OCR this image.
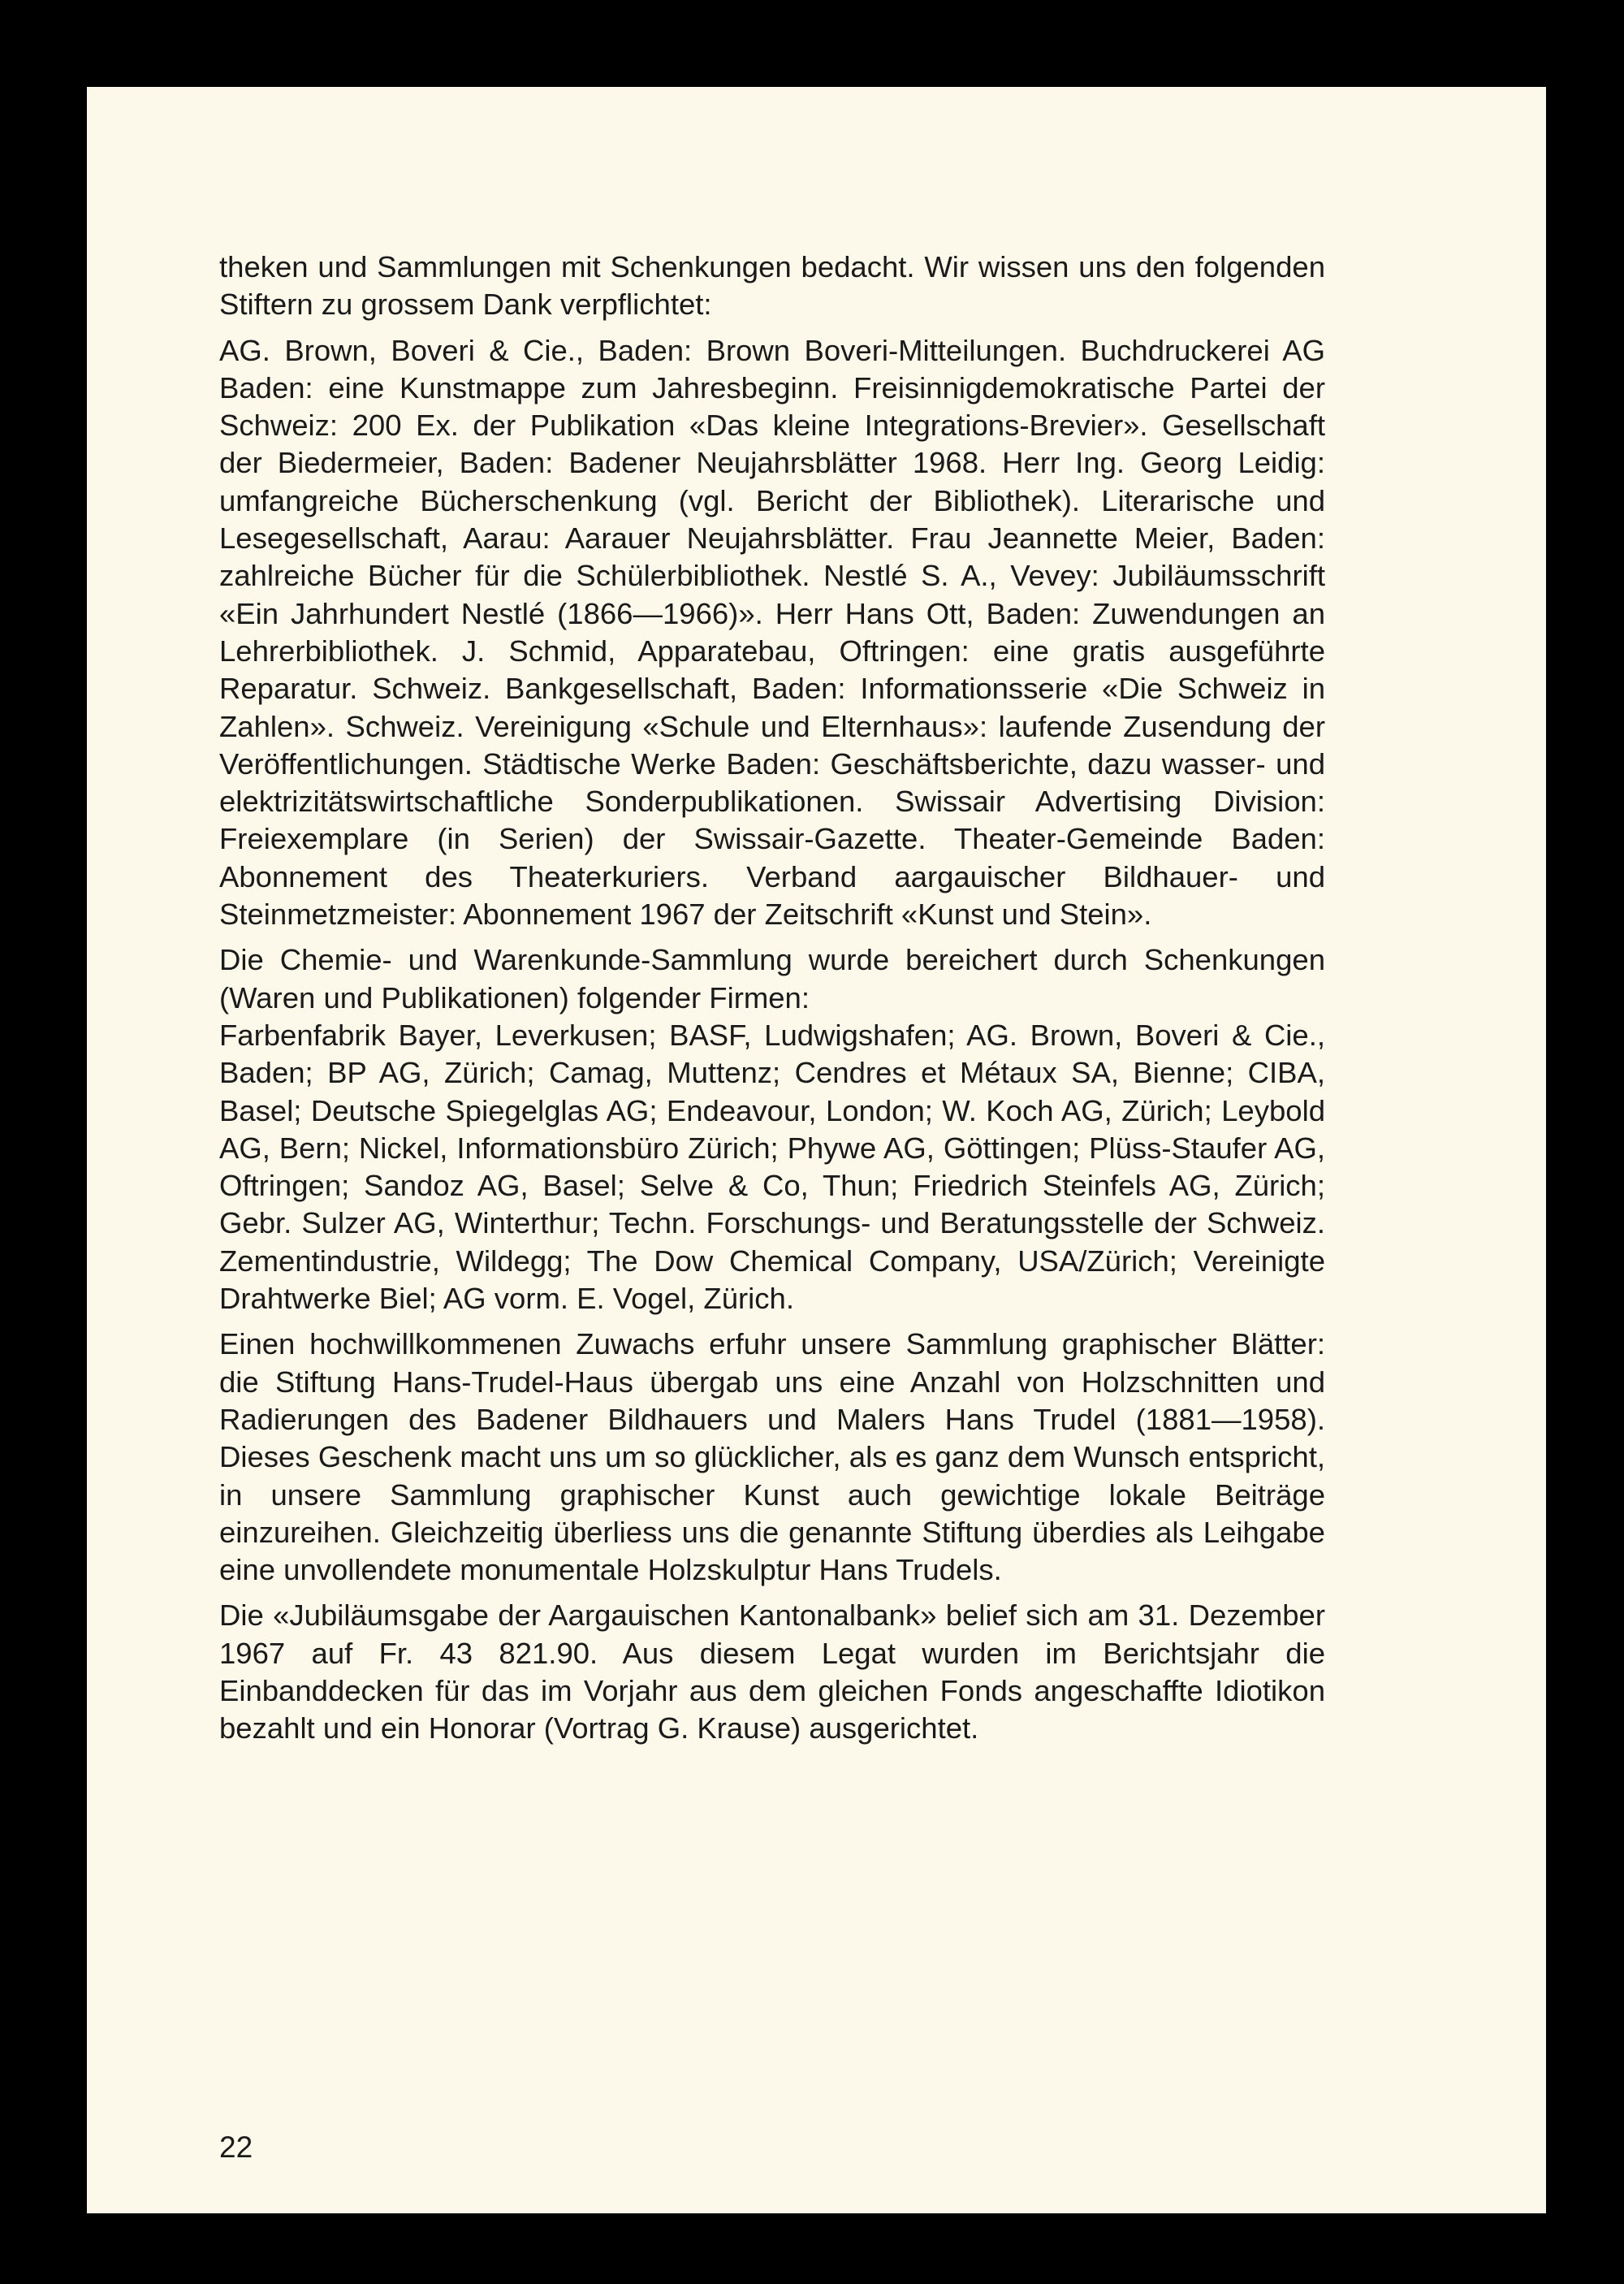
theken und Sammlungen mit Schenkungen bedacht. Wir wissen uns den folgenden Stiftern zu grossem Dank verpflichtet:

AG. Brown, Boveri & Cie., Baden: Brown Boveri-Mitteilungen. Buchdruckerei AG Baden: eine Kunstmappe zum Jahresbeginn. Freisinnigdemokratische Partei der Schweiz: 200 Ex. der Publikation «Das kleine Integrations-Brevier». Gesellschaft der Biedermeier, Baden: Badener Neujahrsblätter 1968. Herr Ing. Georg Leidig: umfangreiche Bücherschenkung (vgl. Bericht der Bibliothek). Literarische und Lesegesellschaft, Aarau: Aarauer Neujahrsblätter. Frau Jeannette Meier, Baden: zahlreiche Bücher für die Schülerbibliothek. Nestlé S. A., Vevey: Jubiläumsschrift «Ein Jahrhundert Nestlé (1866—1966)». Herr Hans Ott, Baden: Zuwendungen an Lehrerbibliothek. J. Schmid, Apparatebau, Oftringen: eine gratis ausgeführte Reparatur. Schweiz. Bankgesellschaft, Baden: Informationsserie «Die Schweiz in Zahlen». Schweiz. Vereinigung «Schule und Elternhaus»: laufende Zusendung der Veröffentlichungen. Städtische Werke Baden: Geschäftsberichte, dazu wasser- und elektrizitätswirtschaftliche Sonderpublikationen. Swissair Advertising Division: Freiexemplare (in Serien) der Swissair-Gazette. Theater-Gemeinde Baden: Abonnement des Theaterkuriers. Verband aargauischer Bildhauer- und Steinmetzmeister: Abonnement 1967 der Zeitschrift «Kunst und Stein».

Die Chemie- und Warenkunde-Sammlung wurde bereichert durch Schenkungen (Waren und Publikationen) folgender Firmen:
Farbenfabrik Bayer, Leverkusen; BASF, Ludwigshafen; AG. Brown, Boveri & Cie., Baden; BP AG, Zürich; Camag, Muttenz; Cendres et Métaux SA, Bienne; CIBA, Basel; Deutsche Spiegelglas AG; Endeavour, London; W. Koch AG, Zürich; Leybold AG, Bern; Nickel, Informationsbüro Zürich; Phywe AG, Göttingen; Plüss-Staufer AG, Oftringen; Sandoz AG, Basel; Selve & Co, Thun; Friedrich Steinfels AG, Zürich; Gebr. Sulzer AG, Winterthur; Techn. Forschungs- und Beratungsstelle der Schweiz. Zementindustrie, Wildegg; The Dow Chemical Company, USA/Zürich; Vereinigte Drahtwerke Biel; AG vorm. E. Vogel, Zürich.

Einen hochwillkommenen Zuwachs erfuhr unsere Sammlung graphischer Blätter: die Stiftung Hans-Trudel-Haus übergab uns eine Anzahl von Holzschnitten und Radierungen des Badener Bildhauers und Malers Hans Trudel (1881—1958). Dieses Geschenk macht uns um so glücklicher, als es ganz dem Wunsch entspricht, in unsere Sammlung graphischer Kunst auch gewichtige lokale Beiträge einzureihen. Gleichzeitig überliess uns die genannte Stiftung überdies als Leihgabe eine unvollendete monumentale Holzskulptur Hans Trudels.

Die «Jubiläumsgabe der Aargauischen Kantonalbank» belief sich am 31. Dezember 1967 auf Fr. 43 821.90. Aus diesem Legat wurden im Berichtsjahr die Einbanddecken für das im Vorjahr aus dem gleichen Fonds angeschaffte Idiotikon bezahlt und ein Honorar (Vortrag G. Krause) ausgerichtet.

22
